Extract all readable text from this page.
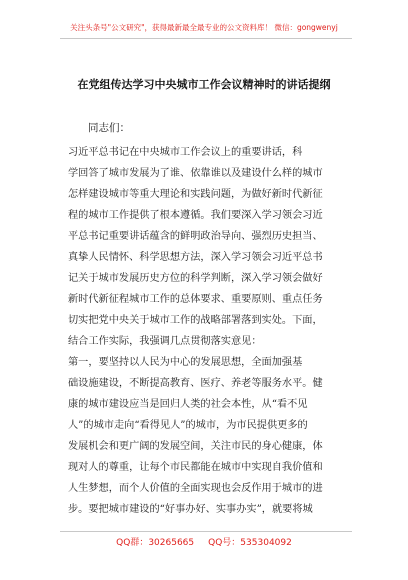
关注头条号"公文研究"，获得最新最全最专业的公文资料库！ 微信：gongwenyj
在党组传达学习中央城市工作会议精神时的讲话提纲
同志们：
习近平总书记在中央城市工作会议上的重要讲话，科
学回答了城市发展为了谁、依靠谁以及建设什么样的城市
怎样建设城市等重大理论和实践问题，为做好新时代新征
程的城市工作提供了根本遵循。我们要深入学习领会习近
平总书记重要讲话蕴含的鲜明政治导向、强烈历史担当、
真挚人民情怀、科学思想方法，深入学习领会习近平总书
记关于城市发展历史方位的科学判断，深入学习领会做好
新时代新征程城市工作的总体要求、重要原则、重点任务
切实把党中央关于城市工作的战略部署落到实处。下面，
结合工作实际，我强调几点贯彻落实意见：
第一，要坚持以人民为中心的发展思想，全面加强基
础设施建设，不断提高教育、医疗、养老等服务水平。健
康的城市建设应当是回归人类的社会本性，从“看不见
人”的城市走向“看得见人”的城市，为市民提供更多的
发展机会和更广阔的发展空间，关注市民的身心健康，体
现对人的尊重，让每个市民都能在城市中实现自我价值和
人生梦想，而个人价值的全面实现也会反作用于城市的进
步。要把城市建设的“好事办好、实事办实”，就要将城
QQ群：30265665 QQ号：535304092
